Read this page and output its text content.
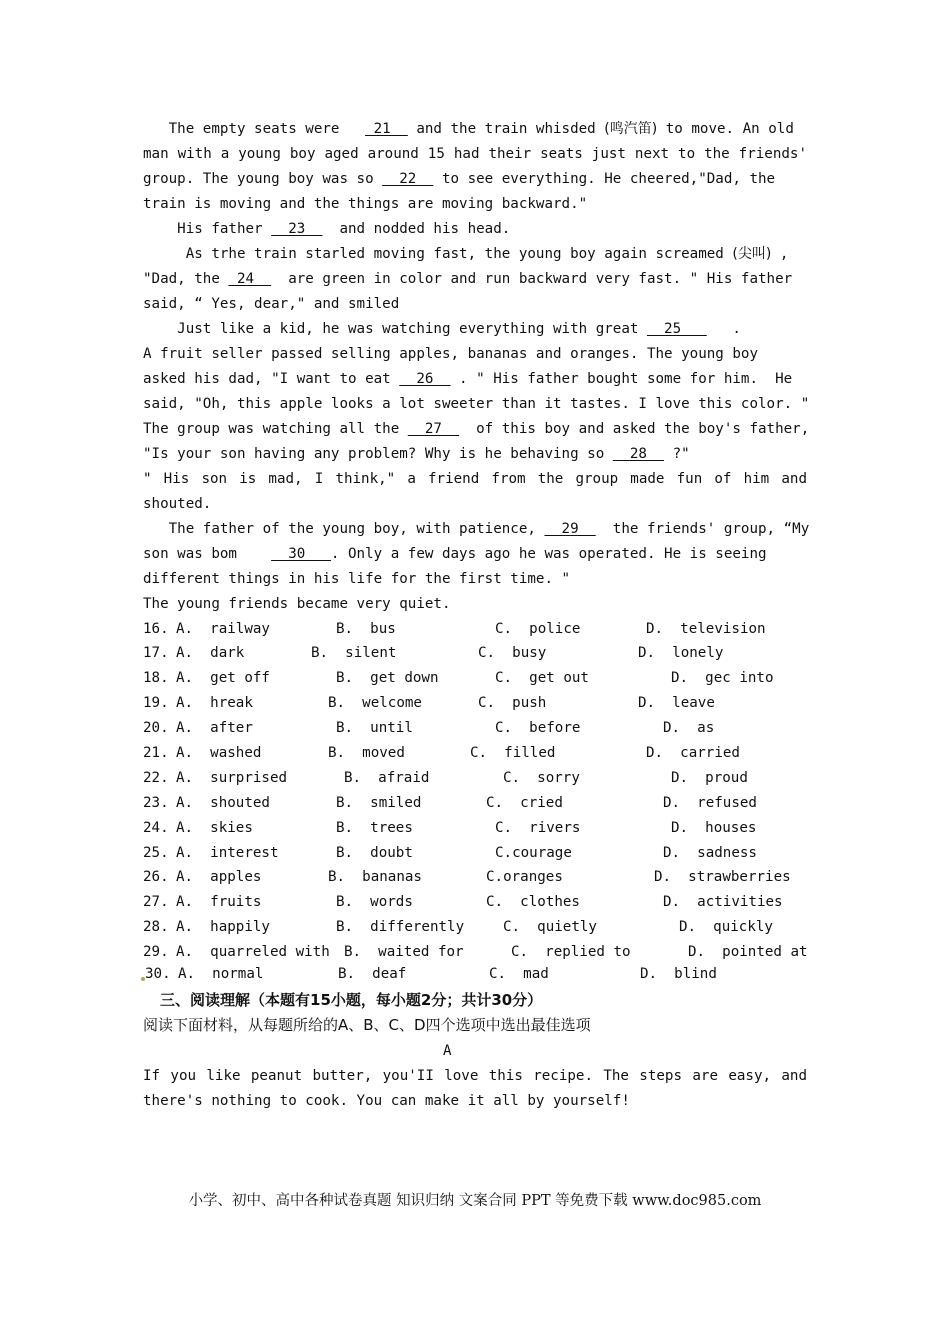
The empty seats were    21   and the train whisded (鸣汽笛) to move. An old
man with a young boy aged around 15 had their seats just next to the friends'
group. The young boy was so   22   to see everything. He cheered,"Dad, the
train is moving and the things are moving backward."
His father   23    and nodded his head.
As trhe train starled moving fast, the young boy again screamed (尖叫) ,
"Dad, the  24    are green in color and run backward very fast. " His father
said, “ Yes, dear," and smiled
Just like a kid, he was watching everything with great   25      .
A fruit seller passed selling apples, bananas and oranges. The young boy
asked his dad, "I want to eat   26   . " His father bought some for him.  He
said, "Oh, this apple looks a lot sweeter than it tastes. I love this color. "
The group was watching all the   27    of this boy and asked the boy's father,
"Is your son having any problem? Why is he behaving so   28   ?"
" His son is mad, I think," a friend from the group made fun of him and
shouted.
The father of the young boy, with patience,   29    the friends' group, “My
son was bom      30   . Only a few days ago he was operated. He is seeing
different things in his life for the first time. "
The young friends became very quiet.
16. A.  railway	B.  bus	C.  police	D.  television
17. A.  dark	B.  silent	C.  busy	D.  lonely
18. A.  get off	B.  get down	C.  get out	D.  gec into
19. A.  hreak	B.  welcome	C.  push	D.  leave
20. A.  after	B.  until	C.  before	D.  as
21. A.  washed	B.  moved	C.  filled	D.  carried
22. A.  surprised	B.  afraid	C.  sorry	D.  proud
23. A.  shouted	B.  smiled	C.  cried	D.  refused
24. A.  skies	B.  trees	C.  rivers	D.  houses
25. A.  interest	B.  doubt	C.courage	D.  sadness
26. A.  apples	B.  bananas	C.oranges	D.  strawberries
27. A.  fruits	B.  words	C.  clothes	D.  activities
28. A.  happily	B.  differently	C.  quietly	D.  quickly
29. A.  quarreled with B.  waited for	C.  replied to	D.  pointed at
30. A.  normal	B.  deaf	C.  mad	D.  blind
三、阅读理解（本题有15小题，每小题2分；共计30分）
阅读下面材料，从每题所给的A、B、C、D四个选项中选出最佳选项
A
If you like peanut butter, you'II love this recipe. The steps are easy, and
there's nothing to cook. You can make it all by yourself!
小学、初中、高中各种试卷真题 知识归纳 文案合同 PPT 等免费下载 www.doc985.com
